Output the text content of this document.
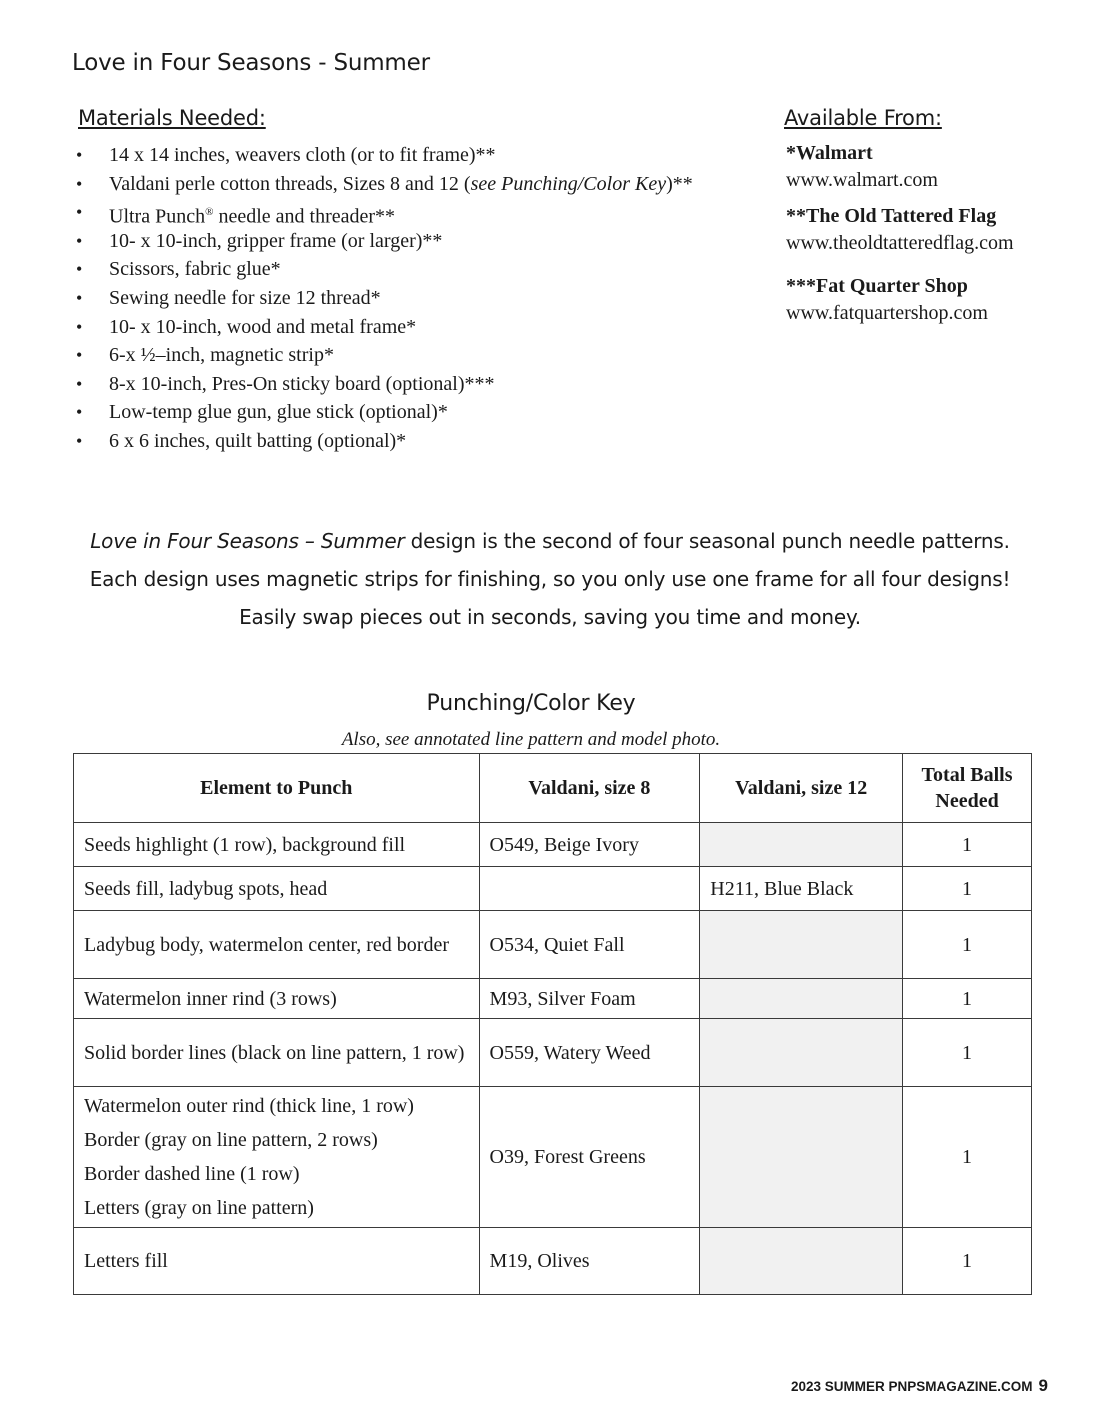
Love in Four Seasons - Summer
Materials Needed:
• 14 x 14 inches, weavers cloth (or to fit frame)**
• Valdani perle cotton threads, Sizes 8 and 12 (see Punching/Color Key)**
• Ultra Punch® needle and threader**
• 10- x 10-inch, gripper frame (or larger)**
• Scissors, fabric glue*
• Sewing needle for size 12 thread*
• 10- x 10-inch, wood and metal frame*
• 6-x ½–inch, magnetic strip*
• 8-x 10-inch, Pres-On sticky board (optional)***
• Low-temp glue gun, glue stick (optional)*
• 6 x 6 inches, quilt batting (optional)*
Available From:
*Walmart
www.walmart.com
**The Old Tattered Flag
www.theoldtatteredflag.com
***Fat Quarter Shop
www.fatquartershop.com
Love in Four Seasons – Summer design is the second of four seasonal punch needle patterns.
Each design uses magnetic strips for finishing, so you only use one frame for all four designs!
Easily swap pieces out in seconds, saving you time and money.
Punching/Color Key
Also, see annotated line pattern and model photo.
Element to Punch	Valdani, size 8	Valdani, size 12	Total Balls Needed
Seeds highlight (1 row), background fill	O549, Beige Ivory		1
Seeds fill, ladybug spots, head		H211, Blue Black	1
Ladybug body, watermelon center, red border	O534, Quiet Fall		1
Watermelon inner rind (3 rows)	M93, Silver Foam		1
Solid border lines (black on line pattern, 1 row)	O559, Watery Weed		1

Watermelon outer rind (thick line, 1 row)
Border (gray on line pattern, 2 rows)
Border dashed line (1 row)
Letters (gray on line pattern)	O39, Forest Greens		1
Letters fill	M19, Olives		1
2023 SUMMER PNPSMAGAZINE.COM 9
